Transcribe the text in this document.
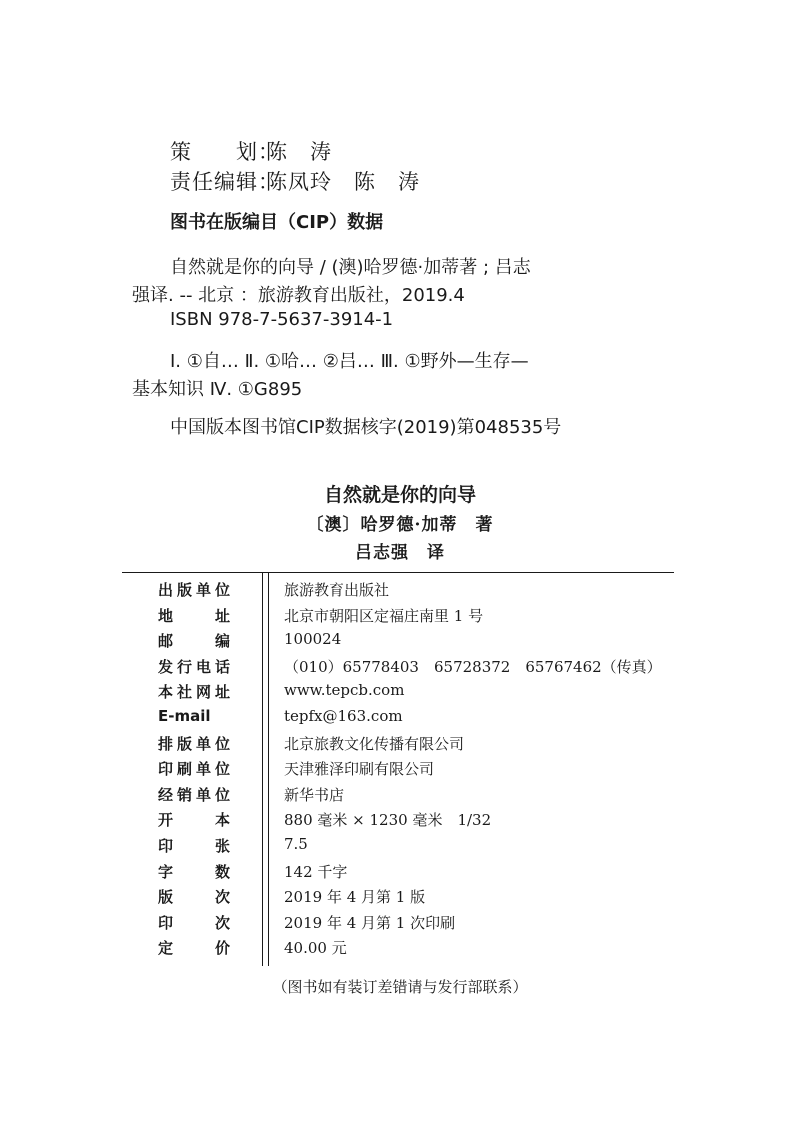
策　　划：陈　涛
责任编辑：陈凤玲　陈　涛
图书在版编目（CIP）数据
自然就是你的向导 / (澳)哈罗德·加蒂著 ; 吕志
强译. -- 北京 ：旅游教育出版社，2019.4
ISBN 978-7-5637-3914-1
Ⅰ. ①自… Ⅱ. ①哈… ②吕… Ⅲ. ①野外—生存—
基本知识 Ⅳ. ①G895
中国版本图书馆CIP数据核字(2019)第048535号
自然就是你的向导
〔澳〕哈罗德·加蒂　著
吕志强　译
出版单位	旅游教育出版社
地址	北京市朝阳区定福庄南里 1 号
邮编	100024
发行电话	（010）65778403　65728372　65767462（传真）
本社网址	www.tepcb.com
E-mail	tepfx@163.com
排版单位	北京旅教文化传播有限公司
印刷单位	天津雅泽印刷有限公司
经销单位	新华书店
开本	880 毫米 × 1230 毫米　1/32
印张	7.5
字数	142 千字
版次	2019 年 4 月第 1 版
印次	2019 年 4 月第 1 次印刷
定价	40.00 元
（图书如有装订差错请与发行部联系）
